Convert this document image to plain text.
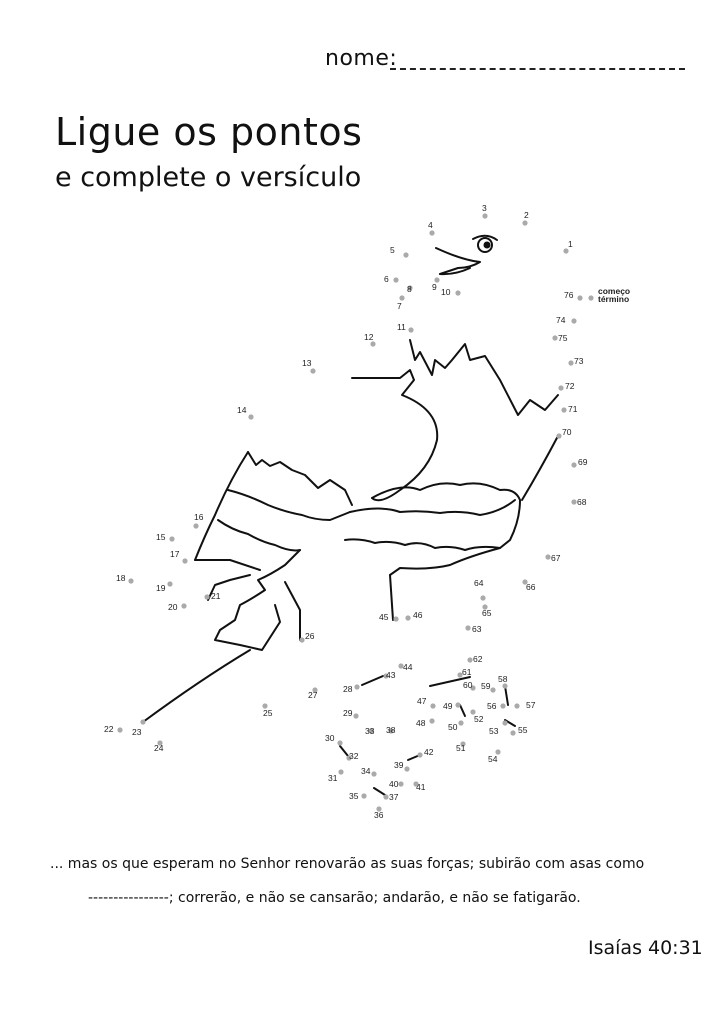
nome:
Ligue os pontos
e complete o versículo
1
2
3
4
5
6
7
8 9 10
11
12
13
14
15
16
17
18
19
20
21
22 23
24
25
26
27
28
29
30
31
32
33
34
35
36
37
38
39
40 41
42
43
44
45	46
47
48
49
50
51
52
53
54
55
56	57
58
59
60
61
62
63
64
65
66
67
68
69
70
71
72
73
74
75
76	começo
término
... mas os que esperam no Senhor renovarão as suas forças; subirão com asas como
----------------; correrão, e não se cansarão; andarão, e não se fatigarão.
Isaías 40:31
